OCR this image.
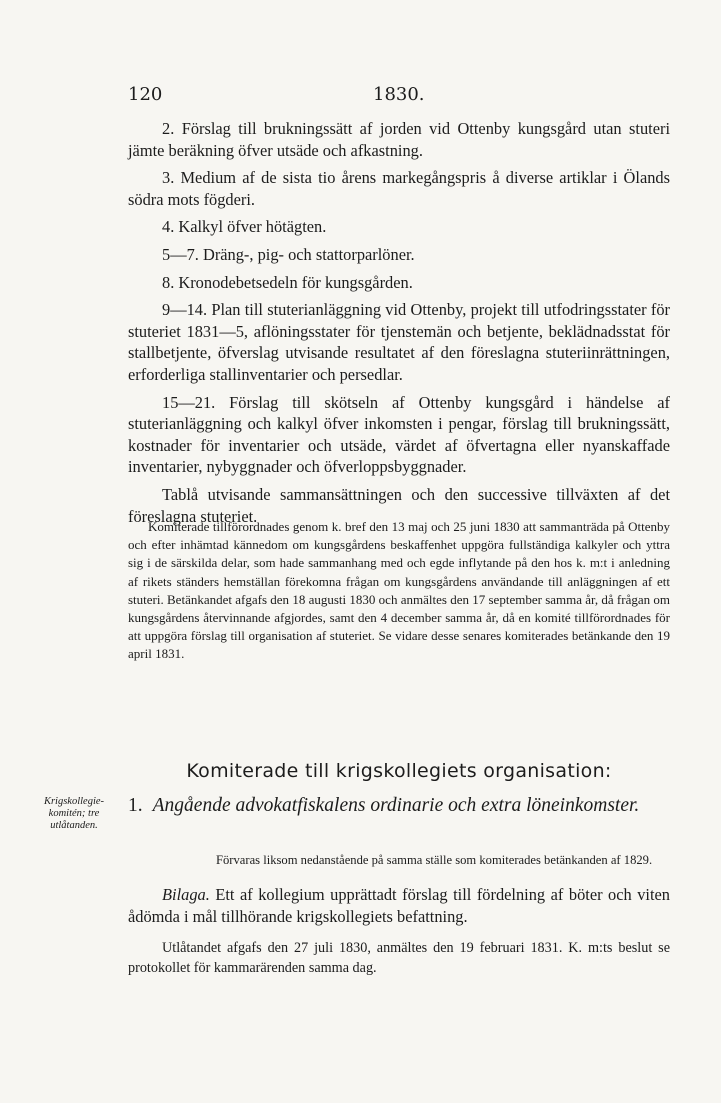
120	1830.

2. Förslag till brukningssätt af jorden vid Ottenby kungsgård utan stuteri jämte beräkning öfver utsäde och afkastning.

3. Medium af de sista tio årens markegångspris å diverse artiklar i Ölands södra mots fögderi.

4. Kalkyl öfver hötägten.

5—7. Dräng-, pig- och stattorparlöner.

8. Kronodebetsedeln för kungsgården.

9—14. Plan till stuterianläggning vid Ottenby, projekt till utfodringsstater för stuteriet 1831—5, aflöningsstater för tjenstemän och betjente, beklädnadsstat för stallbetjente, öfverslag utvisande resultatet af den föreslagna stuteriinrättningen, erforderliga stallinventarier och persedlar.

15—21. Förslag till skötseln af Ottenby kungsgård i händelse af stuterianläggning och kalkyl öfver inkomsten i pengar, förslag till brukningssätt, kostnader för inventarier och utsäde, värdet af öfvertagna eller nyanskaffade inventarier, nybyggnader och öfverloppsbyggnader.

Tablå utvisande sammansättningen och den successive tillväxten af det föreslagna stuteriet.

Komiterade tillförordnades genom k. bref den 13 maj och 25 juni 1830 att sammanträda på Ottenby och efter inhämtad kännedom om kungsgårdens beskaffenhet uppgöra fullständiga kalkyler och yttra sig i de särskilda delar, som hade sammanhang med och egde inflytande på den hos k. m:t i anledning af rikets ständers hemställan förekomna frågan om kungsgårdens användande till anläggningen af ett stuteri. Betänkandet afgafs den 18 augusti 1830 och anmältes den 17 september samma år, då frågan om kungsgårdens återvinnande afgjordes, samt den 4 december samma år, då en komité tillförordnades för att uppgöra förslag till organisation af stuteriet. Se vidare desse senares komiterades betänkande den 19 april 1831.

Komiterade till krigskollegiets organisation:
Krigskollegie-komitén; tre utlåtanden.
1. Angående advokatfiskalens ordinarie och extra löneinkomster.
Förvaras liksom nedanstående på samma ställe som komiterades betänkanden af 1829.
Bilaga. Ett af kollegium upprättadt förslag till fördelning af böter och viten ådömda i mål tillhörande krigskollegiets befattning.
Utlåtandet afgafs den 27 juli 1830, anmältes den 19 februari 1831. K. m:ts beslut se protokollet för kammarärenden samma dag.
